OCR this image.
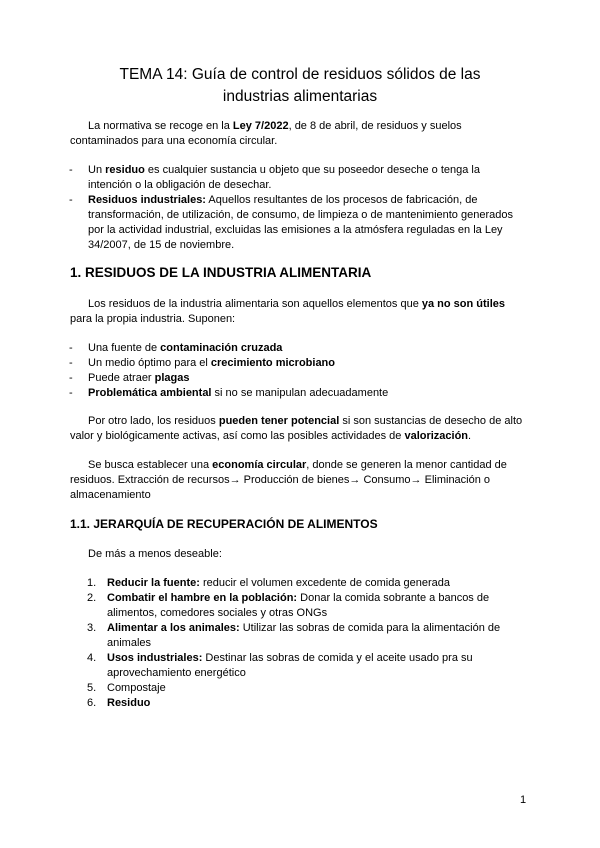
TEMA 14: Guía de control de residuos sólidos de las
industrias alimentarias
La normativa se recoge en la Ley 7/2022, de 8 de abril, de residuos y suelos contaminados para una economía circular.
- Un residuo es cualquier sustancia u objeto que su poseedor deseche o tenga la intención o la obligación de desechar.
- Residuos industriales: Aquellos resultantes de los procesos de fabricación, de transformación, de utilización, de consumo, de limpieza o de mantenimiento generados por la actividad industrial, excluidas las emisiones a la atmósfera reguladas en la Ley 34/2007, de 15 de noviembre.
1. RESIDUOS DE LA INDUSTRIA ALIMENTARIA
Los residuos de la industria alimentaria son aquellos elementos que ya no son útiles para la propia industria. Suponen:
- Una fuente de contaminación cruzada
- Un medio óptimo para el crecimiento microbiano
- Puede atraer plagas
- Problemática ambiental si no se manipulan adecuadamente
Por otro lado, los residuos pueden tener potencial si son sustancias de desecho de alto valor y biológicamente activas, así como las posibles actividades de valorización.
Se busca establecer una economía circular, donde se generen la menor cantidad de residuos. Extracción de recursos→ Producción de bienes→ Consumo→ Eliminación o almacenamiento
1.1. JERARQUÍA DE RECUPERACIÓN DE ALIMENTOS
De más a menos deseable:
1. Reducir la fuente: reducir el volumen excedente de comida generada
2. Combatir el hambre en la población: Donar la comida sobrante a bancos de alimentos, comedores sociales y otras ONGs
3. Alimentar a los animales: Utilizar las sobras de comida para la alimentación de animales
4. Usos industriales: Destinar las sobras de comida y el aceite usado pra su aprovechamiento energético
5. Compostaje
6. Residuo
1
